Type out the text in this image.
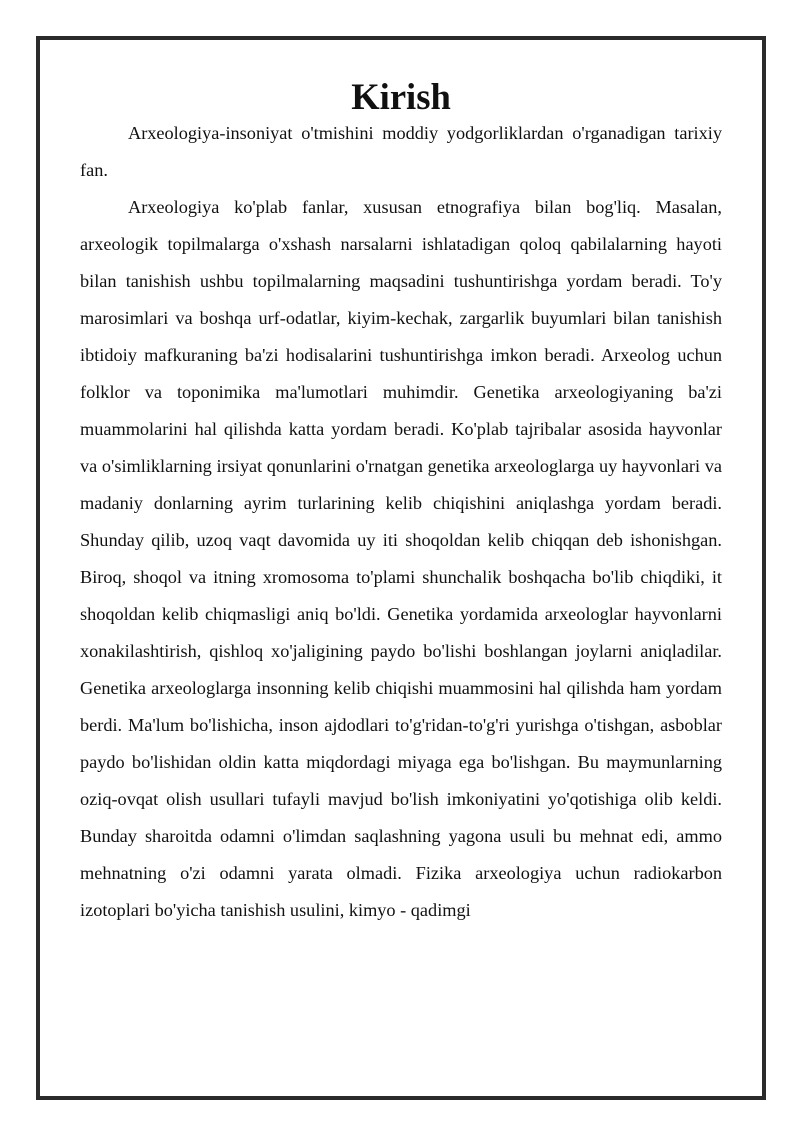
Kirish

Arxeologiya-insoniyat o'tmishini moddiy yodgorliklardan o'rganadigan tarixiy fan.

Arxeologiya ko'plab fanlar, xususan etnografiya bilan bog'liq. Masalan, arxeologik topilmalarga o'xshash narsalarni ishlatadigan qoloq qabilalarning hayoti bilan tanishish ushbu topilmalarning maqsadini tushuntirishga yordam beradi. To'y marosimlari va boshqa urf-odatlar, kiyim-kechak, zargarlik buyumlari bilan tanishish ibtidoiy mafkuraning ba'zi hodisalarini tushuntirishga imkon beradi. Arxeolog uchun folklor va toponimika ma'lumotlari muhimdir. Genetika arxeologiyaning ba'zi muammolarini hal qilishda katta yordam beradi. Ko'plab tajribalar asosida hayvonlar va o'simliklarning irsiyat qonunlarini o'rnatgan genetika arxeologlarga uy hayvonlari va madaniy donlarning ayrim turlarining kelib chiqishini aniqlashga yordam beradi. Shunday qilib, uzoq vaqt davomida uy iti shoqoldan kelib chiqqan deb ishonishgan. Biroq, shoqol va itning xromosoma to'plami shunchalik boshqacha bo'lib chiqdiki, it shoqoldan kelib chiqmasligi aniq bo'ldi. Genetika yordamida arxeologlar hayvonlarni xonakilashtirish, qishloq xo'jaligining paydo bo'lishi boshlangan joylarni aniqladilar. Genetika arxeologlarga insonning kelib chiqishi muammosini hal qilishda ham yordam berdi. Ma'lum bo'lishicha, inson ajdodlari to'g'ridan-to'g'ri yurishga o'tishgan, asboblar paydo bo'lishidan oldin katta miqdordagi miyaga ega bo'lishgan. Bu maymunlarning oziq-ovqat olish usullari tufayli mavjud bo'lish imkoniyatini yo'qotishiga olib keldi. Bunday sharoitda odamni o'limdan saqlashning yagona usuli bu mehnat edi, ammo mehnatning o'zi odamni yarata olmadi. Fizika arxeologiya uchun radiokarbon izotoplari bo'yicha tanishish usulini, kimyo - qadimgi
